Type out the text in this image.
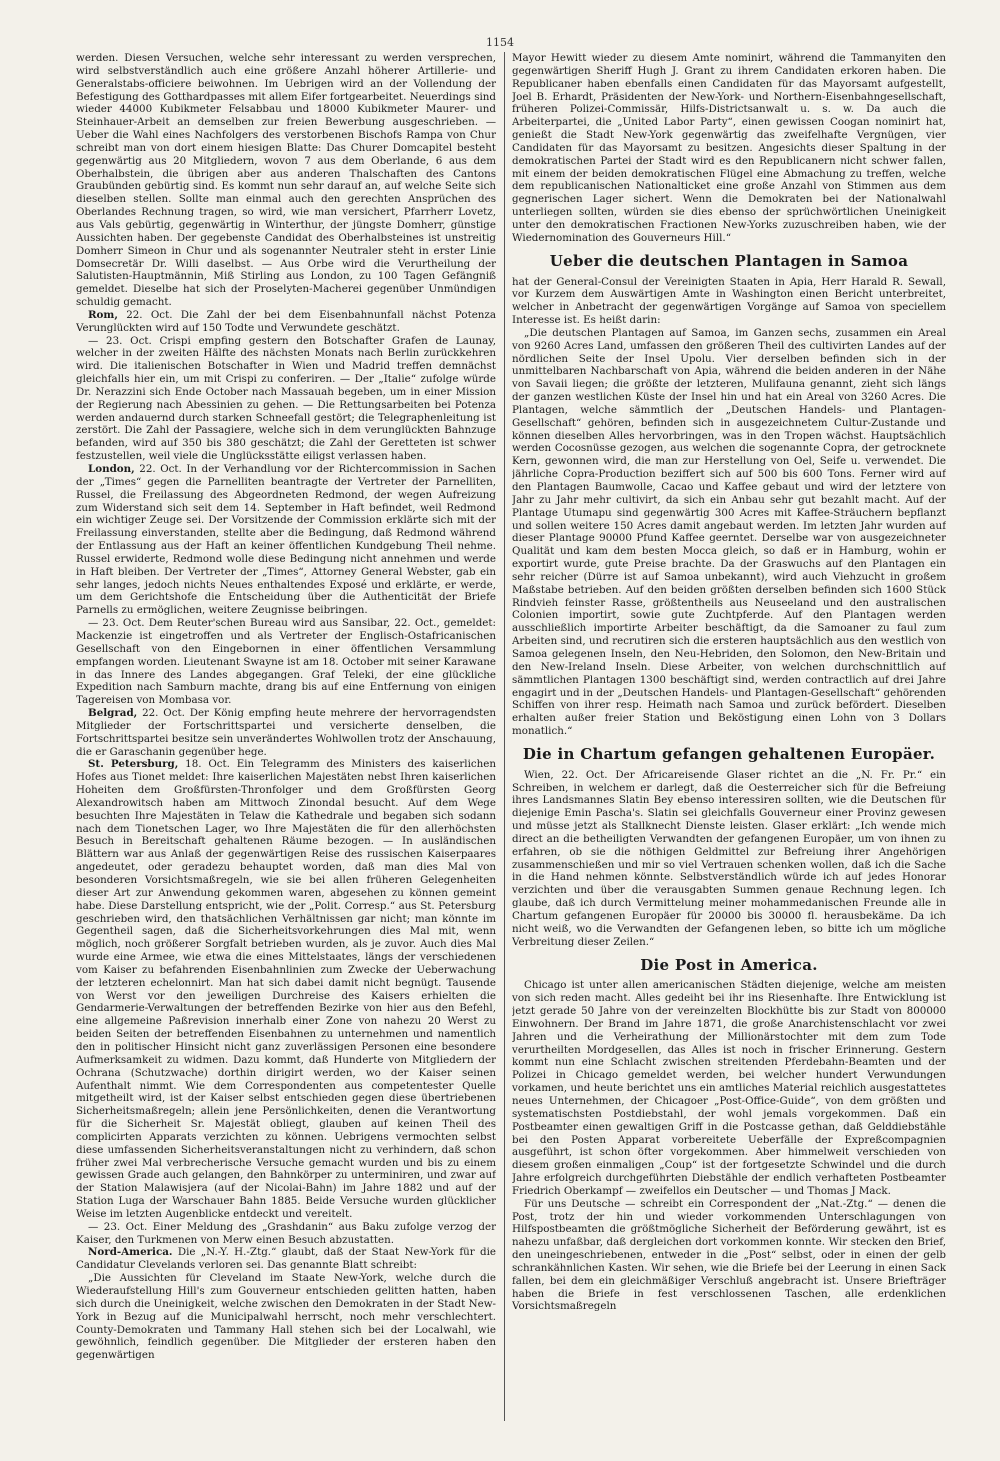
1154

werden. Diesen Versuchen, welche sehr interessant zu werden versprechen, wird selbstverständlich auch eine größere Anzahl höherer Artillerie- und Generalstabs-officiere beiwohnen. Im Uebrigen wird an der Vollendung der Befestigung des Gotthardpasses mit allem Eifer fortgearbeitet. Neuerdings sind wieder 44000 Kubikmeter Felsabbau und 18000 Kubikmeter Maurer- und Steinhauer-Arbeit an demselben zur freien Bewerbung ausgeschrieben. — Ueber die Wahl eines Nachfolgers des verstorbenen Bischofs Rampa von Chur schreibt man von dort einem hiesigen Blatte: Das Churer Domcapitel besteht gegenwärtig aus 20 Mitgliedern, wovon 7 aus dem Oberlande, 6 aus dem Oberhalbstein, die übrigen aber aus anderen Thalschaften des Cantons Graubünden gebürtig sind. Es kommt nun sehr darauf an, auf welche Seite sich dieselben stellen. Sollte man einmal auch den gerechten Ansprüchen des Oberlandes Rechnung tragen, so wird, wie man versichert, Pfarrherr Lovetz, aus Vals gebürtig, gegenwärtig in Winterthur, der jüngste Domherr, günstige Aussichten haben. Der gegebenste Candidat des Oberhalbsteines ist unstreitig Domherr Simeon in Chur und als sogenannter Neutraler steht in erster Linie Domsecretär Dr. Willi daselbst. — Aus Orbe wird die Verurtheilung der Salutisten-Hauptmännin, Miß Stirling aus London, zu 100 Tagen Gefängniß gemeldet. Dieselbe hat sich der Proselyten-Macherei gegenüber Unmündigen schuldig gemacht.

Rom, 22. Oct. Die Zahl der bei dem Eisenbahnunfall nächst Potenza Verunglückten wird auf 150 Todte und Verwundete geschätzt.

— 23. Oct. Crispi empfing gestern den Botschafter Grafen de Launay, welcher in der zweiten Hälfte des nächsten Monats nach Berlin zurückkehren wird. Die italienischen Botschafter in Wien und Madrid treffen demnächst gleichfalls hier ein, um mit Crispi zu conferiren. — Der „Italie“ zufolge würde Dr. Nerazzini sich Ende October nach Massauah begeben, um in einer Mission der Regierung nach Abessinien zu gehen. — Die Rettungsarbeiten bei Potenza werden andauernd durch starken Schneefall gestört; die Telegraphenleitung ist zerstört. Die Zahl der Passagiere, welche sich in dem verunglückten Bahnzuge befanden, wird auf 350 bis 380 geschätzt; die Zahl der Geretteten ist schwer festzustellen, weil viele die Unglücksstätte eiligst verlassen haben.

London, 22. Oct. In der Verhandlung vor der Richtercommission in Sachen der „Times“ gegen die Parnelliten beantragte der Vertreter der Parnelliten, Russel, die Freilassung des Abgeordneten Redmond, der wegen Aufreizung zum Widerstand sich seit dem 14. September in Haft befindet, weil Redmond ein wichtiger Zeuge sei. Der Vorsitzende der Commission erklärte sich mit der Freilassung einverstanden, stellte aber die Bedingung, daß Redmond während der Entlassung aus der Haft an keiner öffentlichen Kundgebung Theil nehme. Russel erwiderte, Redmond wolle diese Bedingung nicht annehmen und werde in Haft bleiben. Der Vertreter der „Times“, Attorney General Webster, gab ein sehr langes, jedoch nichts Neues enthaltendes Exposé und erklärte, er werde, um dem Gerichtshofe die Entscheidung über die Authenticität der Briefe Parnells zu ermöglichen, weitere Zeugnisse beibringen.

— 23. Oct. Dem Reuter'schen Bureau wird aus Sansibar, 22. Oct., gemeldet: Mackenzie ist eingetroffen und als Vertreter der Englisch-Ostafricanischen Gesellschaft von den Eingebornen in einer öffentlichen Versammlung empfangen worden. Lieutenant Swayne ist am 18. October mit seiner Karawane in das Innere des Landes abgegangen. Graf Teleki, der eine glückliche Expedition nach Samburn machte, drang bis auf eine Entfernung von einigen Tagereisen von Mombasa vor.

Belgrad, 22. Oct. Der König empfing heute mehrere der hervorragendsten Mitglieder der Fortschrittspartei und versicherte denselben, die Fortschrittspartei besitze sein unverändertes Wohlwollen trotz der Anschauung, die er Garaschanin gegenüber hege.

St. Petersburg, 18. Oct. Ein Telegramm des Ministers des kaiserlichen Hofes aus Tionet meldet: Ihre kaiserlichen Majestäten nebst Ihren kaiserlichen Hoheiten dem Großfürsten-Thronfolger und dem Großfürsten Georg Alexandrowitsch haben am Mittwoch Zinondal besucht. Auf dem Wege besuchten Ihre Majestäten in Telaw die Kathedrale und begaben sich sodann nach dem Tionetschen Lager, wo Ihre Majestäten die für den allerhöchsten Besuch in Bereitschaft gehaltenen Räume bezogen. — In ausländischen Blättern war aus Anlaß der gegenwärtigen Reise des russischen Kaiserpaares angedeutet, oder geradezu behauptet worden, daß man dies Mal von besonderen Vorsichtsmaßregeln, wie sie bei allen früheren Gelegenheiten dieser Art zur Anwendung gekommen waren, abgesehen zu können gemeint habe. Diese Darstellung entspricht, wie der „Polit. Corresp.“ aus St. Petersburg geschrieben wird, den thatsächlichen Verhältnissen gar nicht; man könnte im Gegentheil sagen, daß die Sicherheitsvorkehrungen dies Mal mit, wenn möglich, noch größerer Sorgfalt betrieben wurden, als je zuvor. Auch dies Mal wurde eine Armee, wie etwa die eines Mittelstaates, längs der verschiedenen vom Kaiser zu befahrenden Eisenbahnlinien zum Zwecke der Ueberwachung der letzteren echelonnirt. Man hat sich dabei damit nicht begnügt. Tausende von Werst vor den jeweiligen Durchreise des Kaisers erhielten die Gendarmerie-Verwaltungen der betreffenden Bezirke von hier aus den Befehl, eine allgemeine Paßrevision innerhalb einer Zone von nahezu 20 Werst zu beiden Seiten der betreffenden Eisenbahnen zu unternehmen und namentlich den in politischer Hinsicht nicht ganz zuverlässigen Personen eine besondere Aufmerksamkeit zu widmen. Dazu kommt, daß Hunderte von Mitgliedern der Ochrana (Schutzwache) dorthin dirigirt werden, wo der Kaiser seinen Aufenthalt nimmt. Wie dem Correspondenten aus competentester Quelle mitgetheilt wird, ist der Kaiser selbst entschieden gegen diese übertriebenen Sicherheitsmaßregeln; allein jene Persönlichkeiten, denen die Verantwortung für die Sicherheit Sr. Majestät obliegt, glauben auf keinen Theil des complicirten Apparats verzichten zu können. Uebrigens vermochten selbst diese umfassenden Sicherheitsveranstaltungen nicht zu verhindern, daß schon früher zwei Mal verbrecherische Versuche gemacht wurden und bis zu einem gewissen Grade auch gelangen, den Bahnkörper zu unterminiren, und zwar auf der Station Malawisjera (auf der Nicolai-Bahn) im Jahre 1882 und auf der Station Luga der Warschauer Bahn 1885. Beide Versuche wurden glücklicher Weise im letzten Augenblicke entdeckt und vereitelt.

— 23. Oct. Einer Meldung des „Grashdanin“ aus Baku zufolge verzog der Kaiser, den Turkmenen von Merw einen Besuch abzustatten.

Nord-America. Die „N.-Y. H.-Ztg.“ glaubt, daß der Staat New-York für die Candidatur Clevelands verloren sei. Das genannte Blatt schreibt:

„Die Aussichten für Cleveland im Staate New-York, welche durch die Wiederaufstellung Hill's zum Gouverneur entschieden gelitten hatten, haben sich durch die Uneinigkeit, welche zwischen den Demokraten in der Stadt New-York in Bezug auf die Municipalwahl herrscht, noch mehr verschlechtert. County-Demokraten und Tammany Hall stehen sich bei der Localwahl, wie gewöhnlich, feindlich gegenüber. Die Mitglieder der ersteren haben den gegenwärtigen

Mayor Hewitt wieder zu diesem Amte nominirt, während die Tammanyiten den gegenwärtigen Sheriff Hugh J. Grant zu ihrem Candidaten erkoren haben. Die Republicaner haben ebenfalls einen Candidaten für das Mayorsamt aufgestellt, Joel B. Erhardt, Präsidenten der New-York- und Northern-Eisenbahngesellschaft, früheren Polizei-Commissär, Hilfs-Districtsanwalt u. s. w. Da auch die Arbeiterpartei, die „United Labor Party“, einen gewissen Coogan nominirt hat, genießt die Stadt New-York gegenwärtig das zweifelhafte Vergnügen, vier Candidaten für das Mayorsamt zu besitzen. Angesichts dieser Spaltung in der demokratischen Partei der Stadt wird es den Republicanern nicht schwer fallen, mit einem der beiden demokratischen Flügel eine Abmachung zu treffen, welche dem republicanischen Nationalticket eine große Anzahl von Stimmen aus dem gegnerischen Lager sichert. Wenn die Demokraten bei der Nationalwahl unterliegen sollten, würden sie dies ebenso der sprüchwörtlichen Uneinigkeit unter den demokratischen Fractionen New-Yorks zuzuschreiben haben, wie der Wiedernomination des Gouverneurs Hill.“

Ueber die deutschen Plantagen in Samoa

hat der General-Consul der Vereinigten Staaten in Apia, Herr Harald R. Sewall, vor Kurzem dem Auswärtigen Amte in Washington einen Bericht unterbreitet, welcher in Anbetracht der gegenwärtigen Vorgänge auf Samoa von speciellem Interesse ist. Es heißt darin:

„Die deutschen Plantagen auf Samoa, im Ganzen sechs, zusammen ein Areal von 9260 Acres Land, umfassen den größeren Theil des cultivirten Landes auf der nördlichen Seite der Insel Upolu. Vier derselben befinden sich in der unmittelbaren Nachbarschaft von Apia, während die beiden anderen in der Nähe von Savaii liegen; die größte der letzteren, Mulifauna genannt, zieht sich längs der ganzen westlichen Küste der Insel hin und hat ein Areal von 3260 Acres. Die Plantagen, welche sämmtlich der „Deutschen Handels- und Plantagen-Gesellschaft“ gehören, befinden sich in ausgezeichnetem Cultur-Zustande und können dieselben Alles hervorbringen, was in den Tropen wächst. Hauptsächlich werden Cocosnüsse gezogen, aus welchen die sogenannte Copra, der getrocknete Kern, gewonnen wird, die man zur Herstellung von Oel, Seife u. verwendet. Die jährliche Copra-Production beziffert sich auf 500 bis 600 Tons. Ferner wird auf den Plantagen Baumwolle, Cacao und Kaffee gebaut und wird der letztere von Jahr zu Jahr mehr cultivirt, da sich ein Anbau sehr gut bezahlt macht. Auf der Plantage Utumapu sind gegenwärtig 300 Acres mit Kaffee-Sträuchern bepflanzt und sollen weitere 150 Acres damit angebaut werden. Im letzten Jahr wurden auf dieser Plantage 90000 Pfund Kaffee geerntet. Derselbe war von ausgezeichneter Qualität und kam dem besten Mocca gleich, so daß er in Hamburg, wohin er exportirt wurde, gute Preise brachte. Da der Graswuchs auf den Plantagen ein sehr reicher (Dürre ist auf Samoa unbekannt), wird auch Viehzucht in großem Maßstabe betrieben. Auf den beiden größten derselben befinden sich 1600 Stück Rindvieh feinster Rasse, größtentheils aus Neuseeland und den australischen Colonien importirt, sowie gute Zuchtpferde. Auf den Plantagen werden ausschließlich importirte Arbeiter beschäftigt, da die Samoaner zu faul zum Arbeiten sind, und recrutiren sich die ersteren hauptsächlich aus den westlich von Samoa gelegenen Inseln, den Neu-Hebriden, den Solomon, den New-Britain und den New-Ireland Inseln. Diese Arbeiter, von welchen durchschnittlich auf sämmtlichen Plantagen 1300 beschäftigt sind, werden contractlich auf drei Jahre engagirt und in der „Deutschen Handels- und Plantagen-Gesellschaft“ gehörenden Schiffen von ihrer resp. Heimath nach Samoa und zurück befördert. Dieselben erhalten außer freier Station und Beköstigung einen Lohn von 3 Dollars monatlich.“

Die in Chartum gefangen gehaltenen Europäer.

Wien, 22. Oct. Der Africareisende Glaser richtet an die „N. Fr. Pr.“ ein Schreiben, in welchem er darlegt, daß die Oesterreicher sich für die Befreiung ihres Landsmannes Slatin Bey ebenso interessiren sollten, wie die Deutschen für diejenige Emin Pascha's. Slatin sei gleichfalls Gouverneur einer Provinz gewesen und müsse jetzt als Stallknecht Dienste leisten. Glaser erklärt: „Ich wende mich direct an die betheiligten Verwandten der gefangenen Europäer, um von ihnen zu erfahren, ob sie die nöthigen Geldmittel zur Befreiung ihrer Angehörigen zusammenschießen und mir so viel Vertrauen schenken wollen, daß ich die Sache in die Hand nehmen könnte. Selbstverständlich würde ich auf jedes Honorar verzichten und über die verausgabten Summen genaue Rechnung legen. Ich glaube, daß ich durch Vermittelung meiner mohammedanischen Freunde alle in Chartum gefangenen Europäer für 20000 bis 30000 fl. herausbekäme. Da ich nicht weiß, wo die Verwandten der Gefangenen leben, so bitte ich um mögliche Verbreitung dieser Zeilen.“

Die Post in America.

Chicago ist unter allen americanischen Städten diejenige, welche am meisten von sich reden macht. Alles gedeiht bei ihr ins Riesenhafte. Ihre Entwicklung ist jetzt gerade 50 Jahre von der vereinzelten Blockhütte bis zur Stadt von 800000 Einwohnern. Der Brand im Jahre 1871, die große Anarchistenschlacht vor zwei Jahren und die Verheirathung der Millionärstochter mit dem zum Tode verurtheilten Mordgesellen, das Alles ist noch in frischer Erinnerung. Gestern kommt nun eine Schlacht zwischen streitenden Pferdebahn-Beamten und der Polizei in Chicago gemeldet werden, bei welcher hundert Verwundungen vorkamen, und heute berichtet uns ein amtliches Material reichlich ausgestattetes neues Unternehmen, der Chicagoer „Post-Office-Guide“, von dem größten und systematischsten Postdiebstahl, der wohl jemals vorgekommen. Daß ein Postbeamter einen gewaltigen Griff in die Postcasse gethan, daß Gelddiebstähle bei den Posten Apparat vorbereitete Ueberfälle der Expreßcompagnien ausgeführt, ist schon öfter vorgekommen. Aber himmelweit verschieden von diesem großen einmaligen „Coup“ ist der fortgesetzte Schwindel und die durch Jahre erfolgreich durchgeführten Diebstähle der endlich verhafteten Postbeamter Friedrich Oberkampf — zweifellos ein Deutscher — und Thomas J Mack.

Für uns Deutsche — schreibt ein Correspondent der „Nat.-Ztg.“ — denen die Post, trotz der hin und wieder vorkommenden Unterschlagungen von Hilfspostbeamten die größtmögliche Sicherheit der Beförderung gewährt, ist es nahezu unfaßbar, daß dergleichen dort vorkommen konnte. Wir stecken den Brief, den uneingeschriebenen, entweder in die „Post“ selbst, oder in einen der gelb schrankähnlichen Kasten. Wir sehen, wie die Briefe bei der Leerung in einen Sack fallen, bei dem ein gleichmäßiger Verschluß angebracht ist. Unsere Briefträger haben die Briefe in fest verschlossenen Taschen, alle erdenklichen Vorsichtsmaßregeln
